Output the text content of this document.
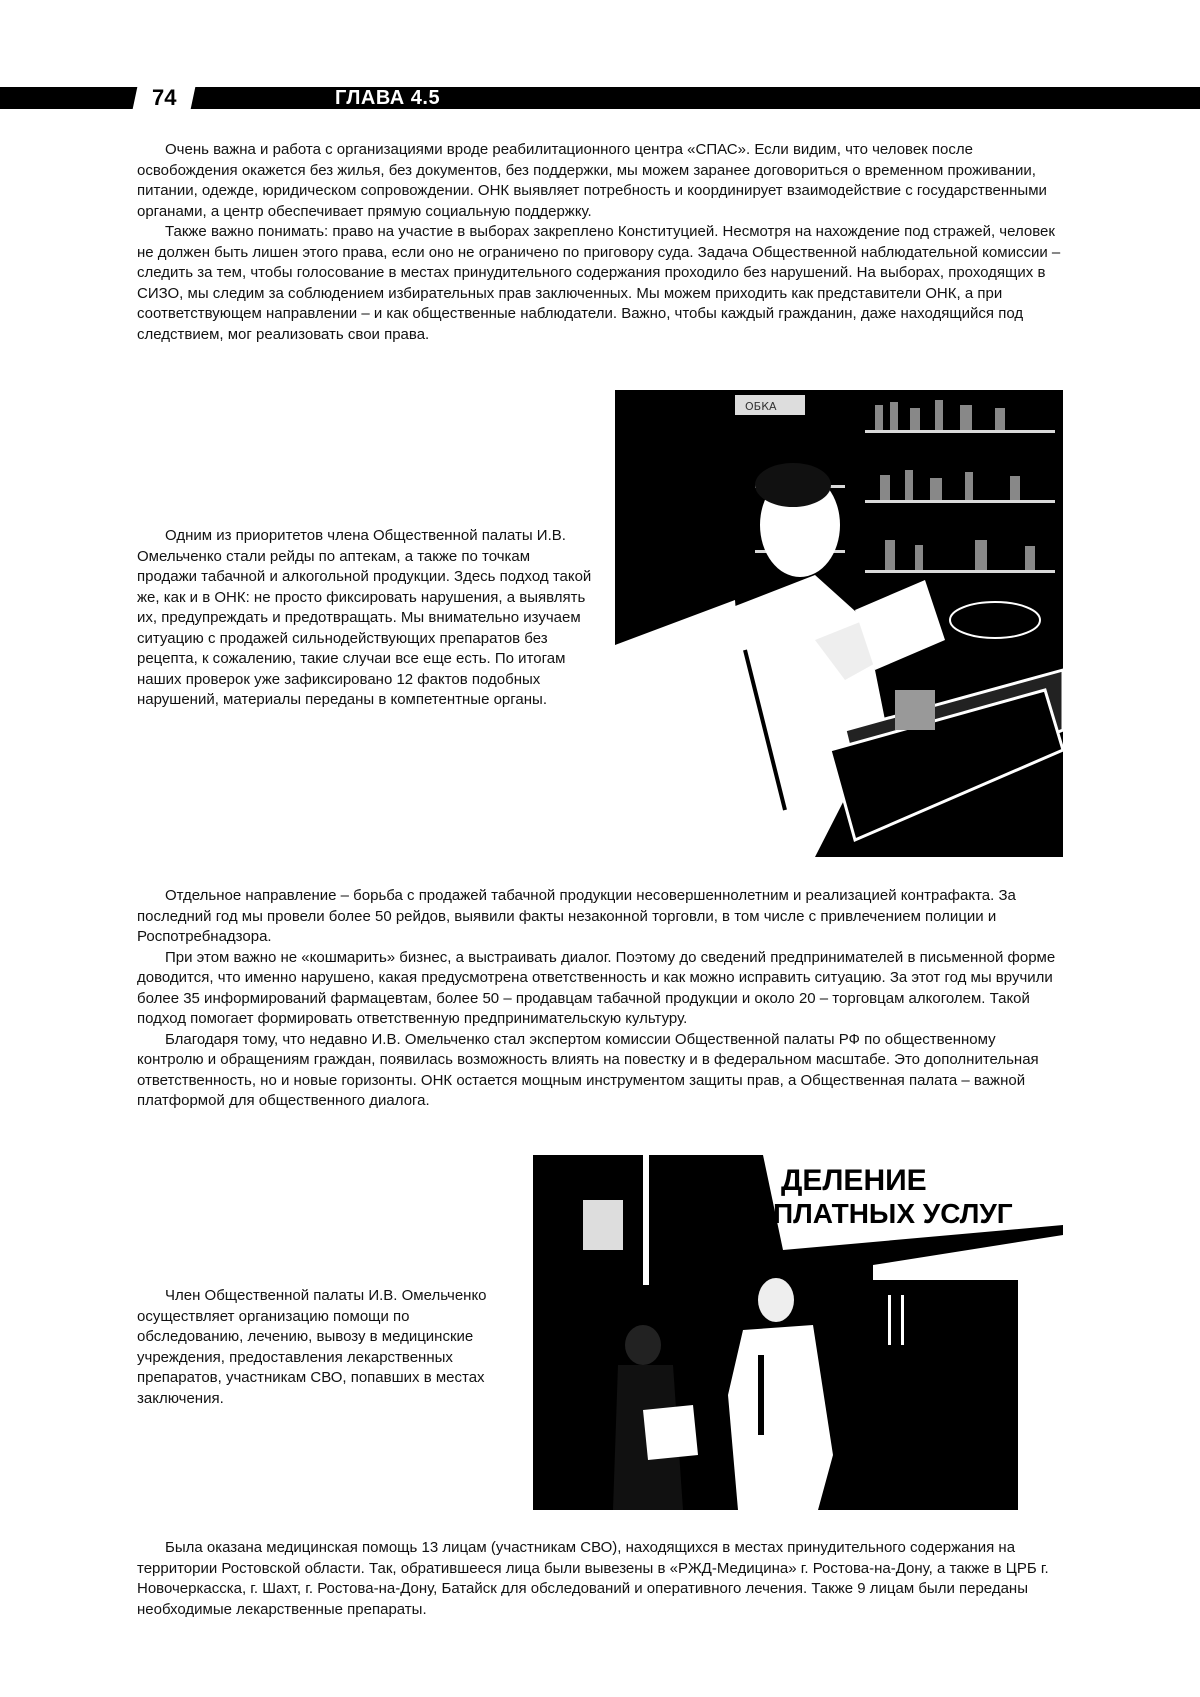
74	ГЛАВА 4.5

Очень важна и работа с организациями вроде реабилитационного центра «СПАС». Если видим, что человек после освобождения окажется без жилья, без документов, без поддержки, мы можем заранее договориться о временном проживании, питании, одежде, юридическом сопровождении. ОНК выявляет потребность и координирует взаимодействие с государственными органами, а центр обеспечивает прямую социальную поддержку.

Также важно понимать: право на участие в выборах закреплено Конституцией. Несмотря на нахождение под стражей, человек не должен быть лишен этого права, если оно не ограничено по приговору суда. Задача Общественной наблюдательной комиссии – следить за тем, чтобы голосование в местах принудительного содержания проходило без нарушений. На выборах, проходящих в СИЗО, мы следим за соблюдением избирательных прав заключенных. Мы можем приходить как представители ОНК, а при соответствующем направлении – и как общественные наблюдатели. Важно, чтобы каждый гражданин, даже находящийся под следствием, мог реализовать свои права.

ОБКА

Одним из приоритетов члена Общественной палаты И.В. Омельченко стали рейды по аптекам, а также по точкам продажи табачной и алкогольной продукции. Здесь подход такой же, как и в ОНК: не просто фиксировать нарушения, а выявлять их, предупреждать и предотвращать. Мы внимательно изучаем ситуацию с продажей сильнодействующих препаратов без рецепта, к сожалению, такие случаи все еще есть. По итогам наших проверок уже зафиксировано 12 фактов подобных нарушений, материалы переданы в компетентные органы.

Отдельное направление – борьба с продажей табачной продукции несовершеннолетним и реализацией контрафакта. За последний год мы провели более 50 рейдов, выявили факты незаконной торговли, в том числе с привлечением полиции и Роспотребнадзора.

При этом важно не «кошмарить» бизнес, а выстраивать диалог. Поэтому до сведений предпринимателей в письменной форме доводится, что именно нарушено, какая предусмотрена ответственность и как можно исправить ситуацию. За этот год мы вручили более 35 информирований фармацевтам, более 50 – продавцам табачной продукции и около 20 – торговцам алкоголем. Такой подход помогает формировать ответственную предпринимательскую культуру.

Благодаря тому, что недавно И.В. Омельченко стал экспертом комиссии Общественной палаты РФ по общественному контролю и обращениям граждан, появилась возможность влиять на повестку и в федеральном масштабе. Это дополнительная ответственность, но и новые горизонты. ОНК остается мощным инструментом защиты прав, а Общественная палата – важной платформой для общественного диалога.

ДЕЛЕНИЕ
ПЛАТНЫХ УСЛУГ

Член Общественной палаты И.В. Омельченко осуществляет организацию помощи по обследованию, лечению, вывозу в медицинские учреждения, предоставления лекарственных препаратов, участникам СВО, попавших в местах заключения.

Была оказана медицинская помощь 13 лицам (участникам СВО), находящихся в местах принудительного содержания на территории Ростовской области. Так, обратившееся лица были вывезены в «РЖД-Медицина» г. Ростова-на-Дону, а также в ЦРБ г. Новочеркасска, г. Шахт, г. Ростова-на-Дону, Батайск для обследований и оперативного лечения. Также 9 лицам были переданы необходимые лекарственные препараты.
